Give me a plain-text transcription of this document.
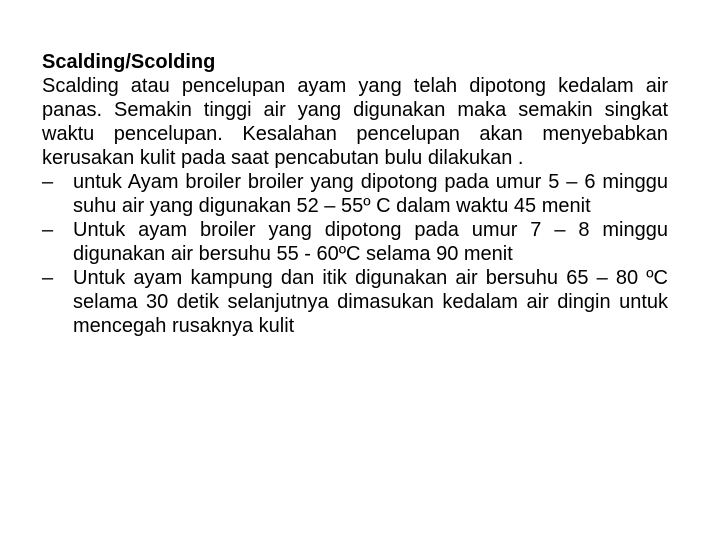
Scalding/Scolding

Scalding atau pencelupan ayam yang telah dipotong kedalam air panas. Semakin tinggi air yang digunakan maka semakin singkat waktu pencelupan. Kesalahan pencelupan akan menyebabkan kerusakan kulit pada saat pencabutan bulu dilakukan .

– untuk Ayam broiler broiler yang dipotong pada umur 5 – 6 minggu suhu air yang digunakan 52 – 55º C dalam waktu 45 menit
– Untuk ayam broiler yang dipotong pada umur 7 – 8 minggu digunakan air bersuhu 55 - 60ºC selama 90 menit
– Untuk ayam kampung dan itik digunakan air bersuhu 65 – 80 ºC selama 30 detik selanjutnya dimasukan kedalam air dingin untuk mencegah rusaknya kulit
